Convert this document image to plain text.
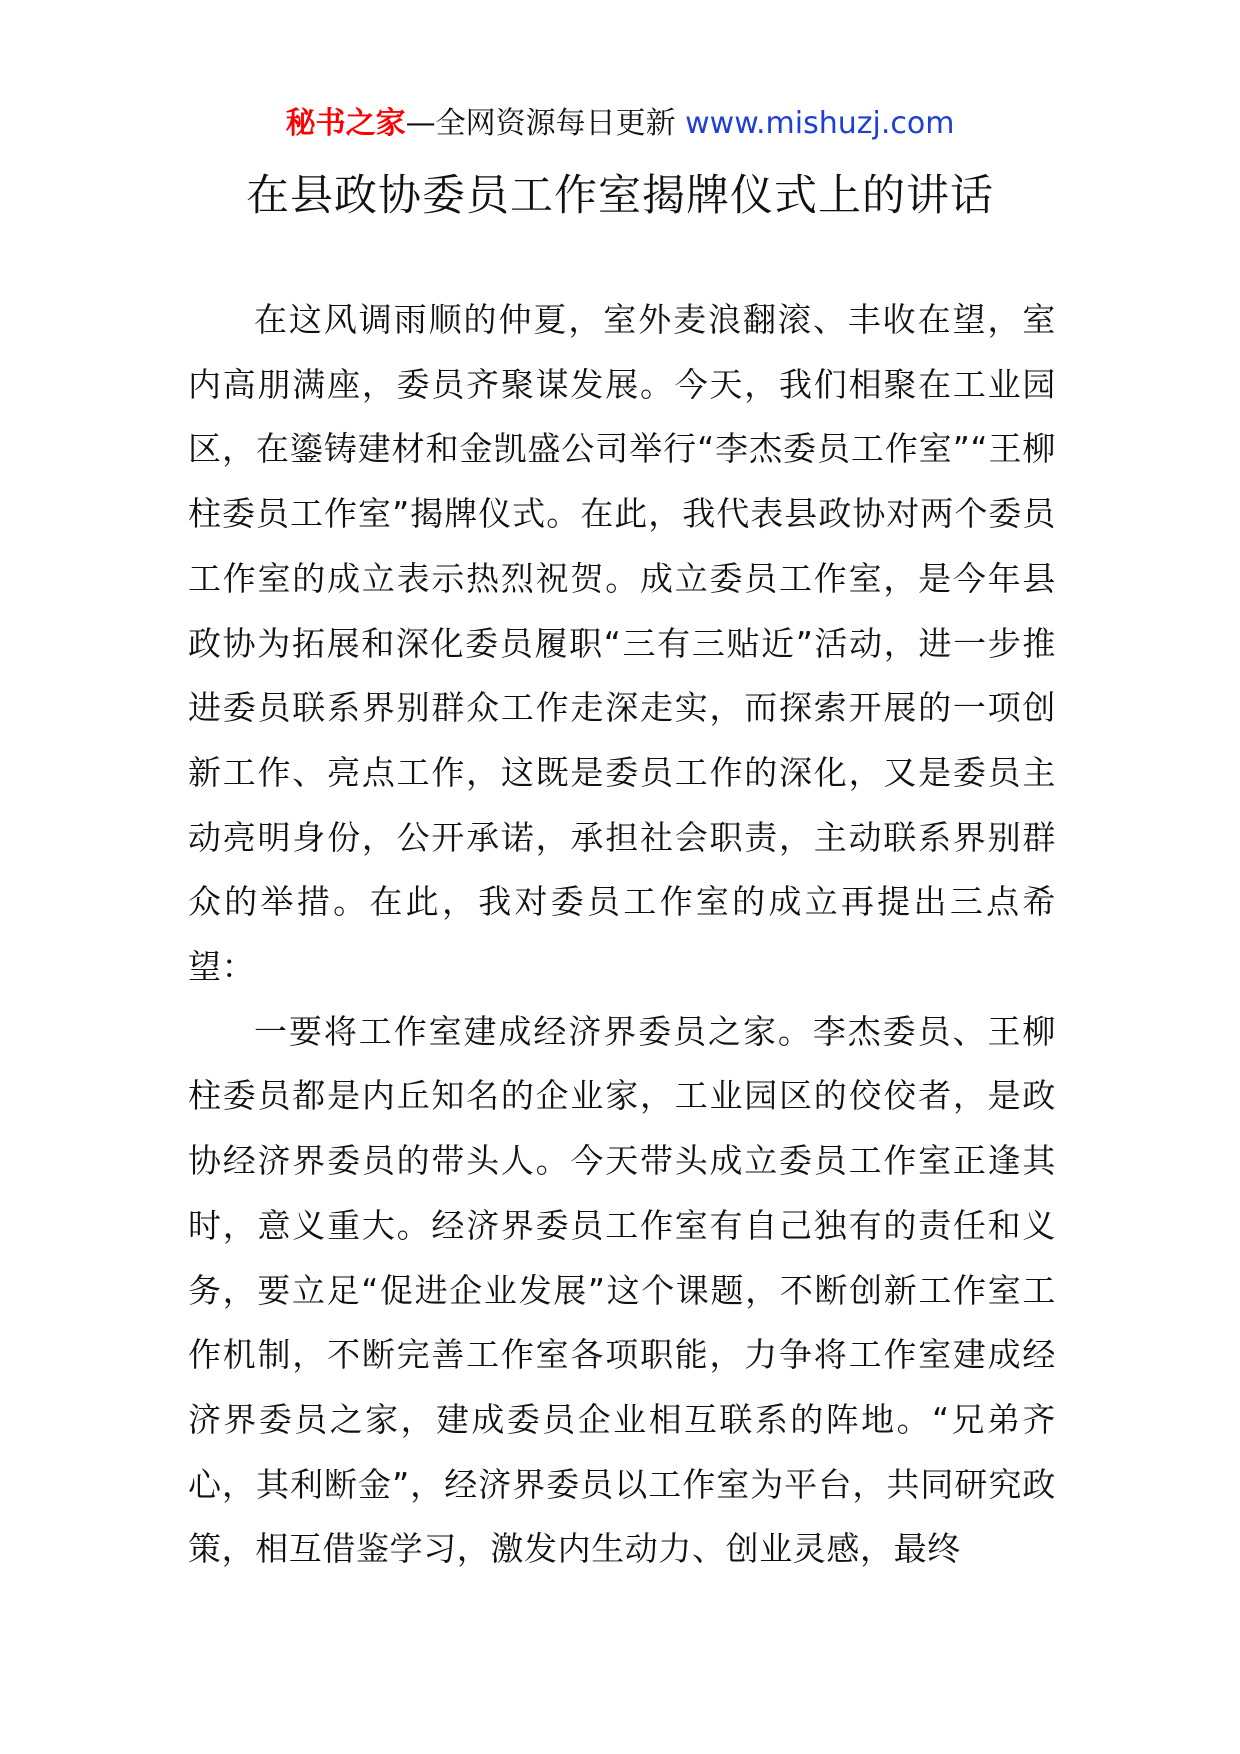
秘书之家—全网资源每日更新 www.mishuzj.com
在县政协委员工作室揭牌仪式上的讲话

在这风调雨顺的仲夏，室外麦浪翻滚、丰收在望，室内高朋满座，委员齐聚谋发展。今天，我们相聚在工业园区，在鎏铸建材和金凯盛公司举行“李杰委员工作室”“王柳柱委员工作室”揭牌仪式。在此，我代表县政协对两个委员工作室的成立表示热烈祝贺。成立委员工作室，是今年县政协为拓展和深化委员履职“三有三贴近”活动，进一步推进委员联系界别群众工作走深走实，而探索开展的一项创新工作、亮点工作，这既是委员工作的深化，又是委员主动亮明身份，公开承诺，承担社会职责，主动联系界别群众的举措。在此，我对委员工作室的成立再提出三点希望：

一要将工作室建成经济界委员之家。李杰委员、王柳柱委员都是内丘知名的企业家，工业园区的佼佼者，是政协经济界委员的带头人。今天带头成立委员工作室正逢其时，意义重大。经济界委员工作室有自己独有的责任和义务，要立足“促进企业发展”这个课题，不断创新工作室工作机制，不断完善工作室各项职能，力争将工作室建成经济界委员之家，建成委员企业相互联系的阵地。“兄弟齐心，其利断金”，经济界委员以工作室为平台，共同研究政策，相互借鉴学习，激发内生动力、创业灵感，最终
